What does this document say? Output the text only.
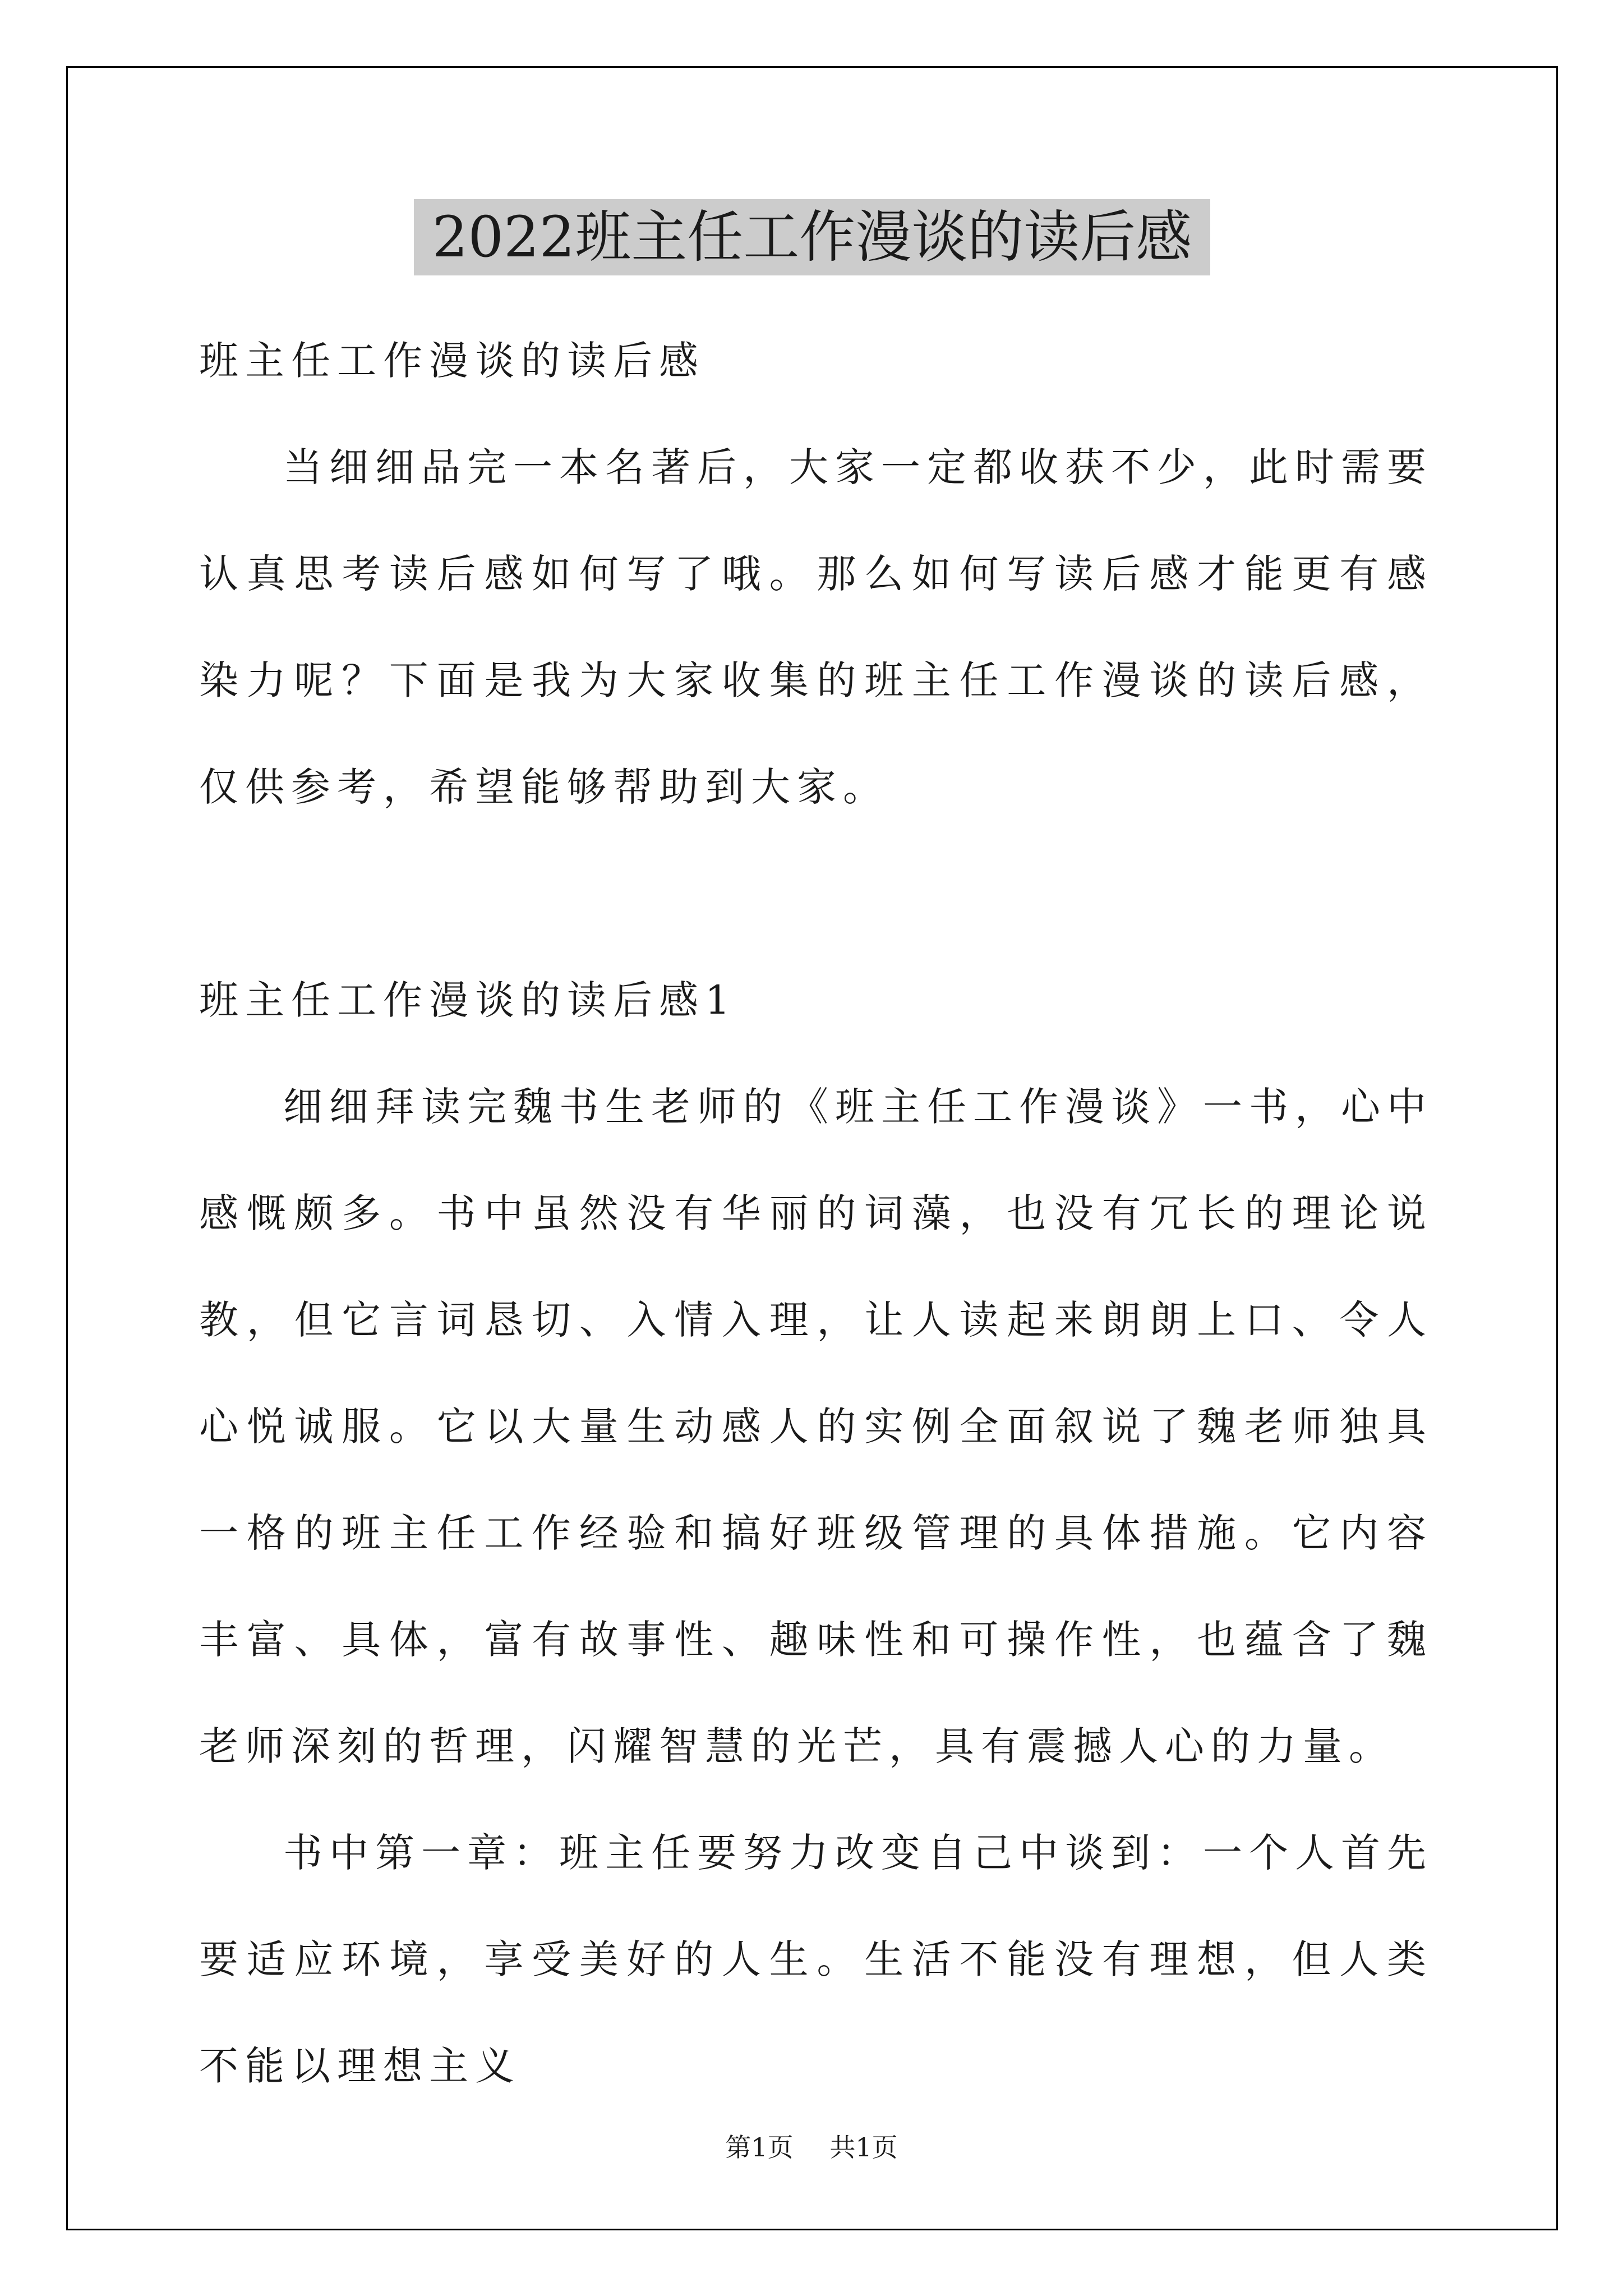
2022班主任工作漫谈的读后感

班主任工作漫谈的读后感

当细细品完一本名著后，大家一定都收获不少，此时需要认真思考读后感如何写了哦。那么如何写读后感才能更有感染力呢？下面是我为大家收集的班主任工作漫谈的读后感，仅供参考，希望能够帮助到大家。

班主任工作漫谈的读后感1

细细拜读完魏书生老师的《班主任工作漫谈》一书，心中感慨颇多。书中虽然没有华丽的词藻，也没有冗长的理论说教，但它言词恳切、入情入理，让人读起来朗朗上口、令人心悦诚服。它以大量生动感人的实例全面叙说了魏老师独具一格的班主任工作经验和搞好班级管理的具体措施。它内容丰富、具体，富有故事性、趣味性和可操作性，也蕴含了魏老师深刻的哲理，闪耀智慧的光芒，具有震撼人心的力量。

书中第一章：班主任要努力改变自己中谈到：一个人首先要适应环境，享受美好的人生。生活不能没有理想，但人类不能以理想主义

第1页 共1页
